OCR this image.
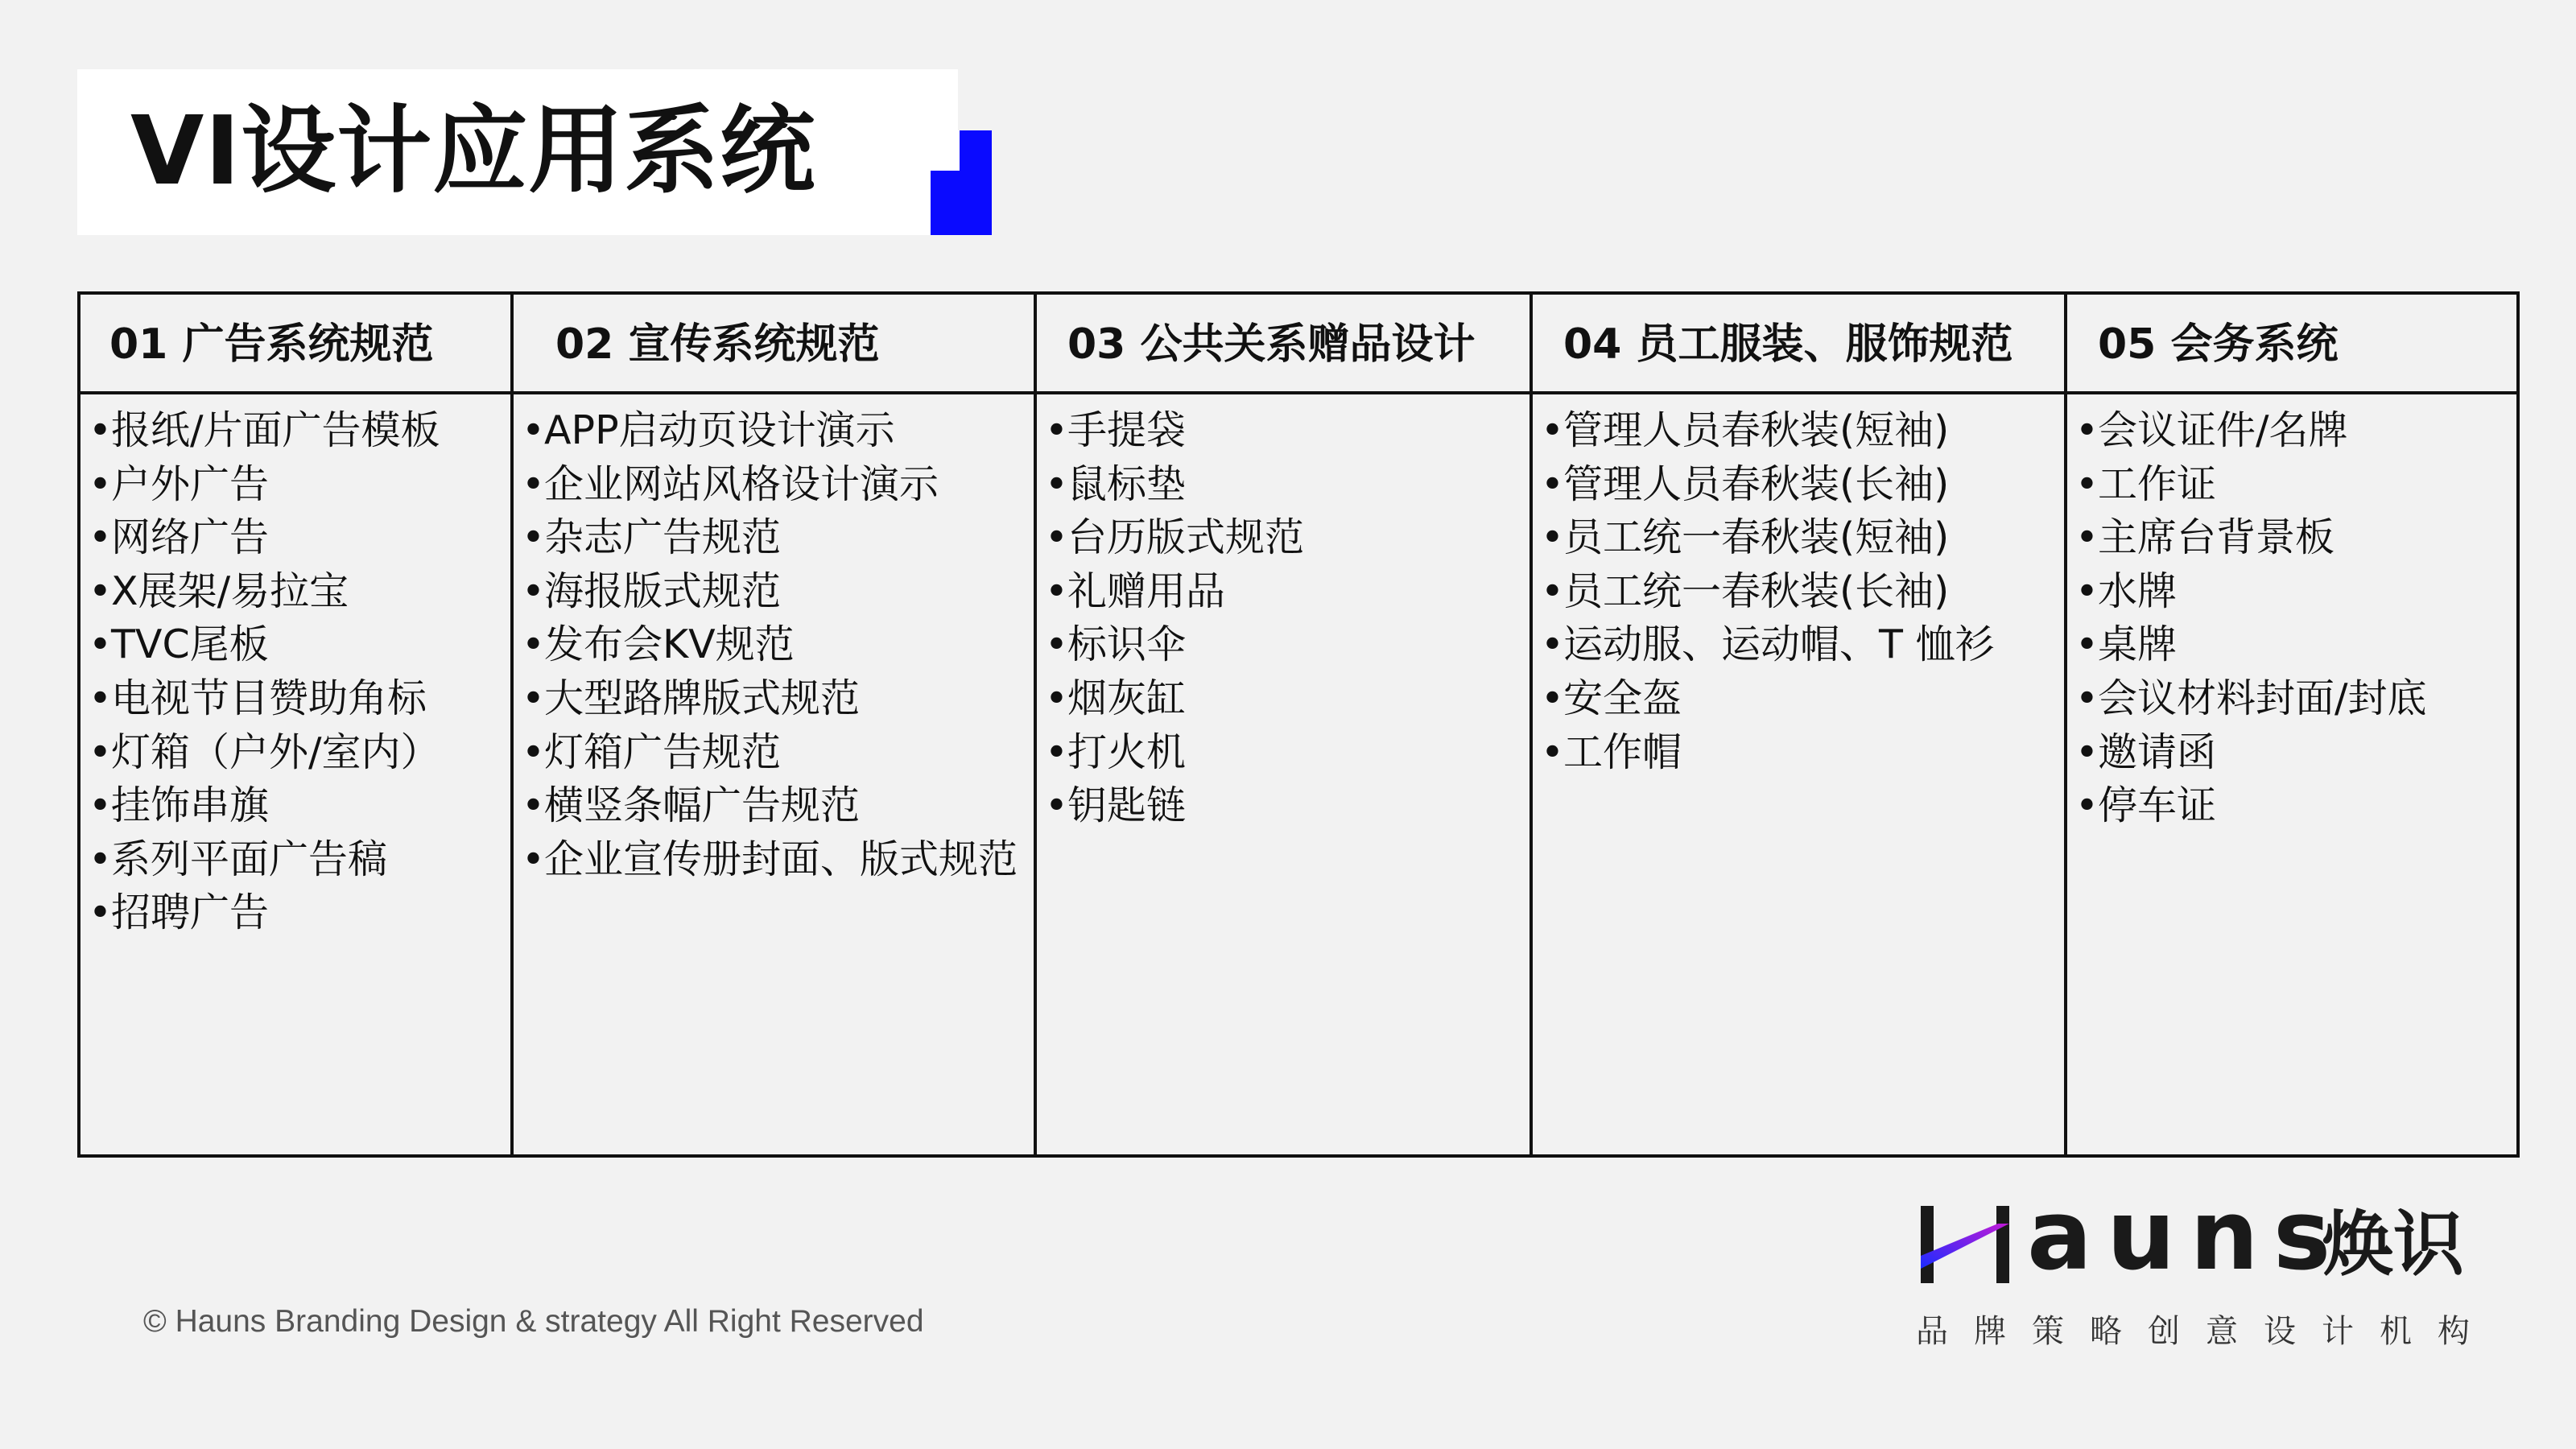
VI设计应用系统
01 广告系统规范
•报纸/片面广告模板
•户外广告
•网络广告
•X展架/易拉宝
•TVC尾板
•电视节目赞助角标
•灯箱（户外/室内）
•挂饰串旗
•系列平面广告稿
•招聘广告
02 宣传系统规范
•APP启动页设计演示
•企业网站风格设计演示
•杂志广告规范
•海报版式规范
•发布会KV规范
•大型路牌版式规范
•灯箱广告规范
•横竖条幅广告规范
•企业宣传册封面、版式规范
03 公共关系赠品设计
•手提袋
•鼠标垫
•台历版式规范
•礼赠用品
•标识伞
•烟灰缸
•打火机
•钥匙链
04 员工服装、服饰规范
•管理人员春秋装(短袖)
•管理人员春秋装(长袖)
•员工统一春秋装(短袖)
•员工统一春秋装(长袖)
•运动服、运动帽、T 恤衫
•安全盔
•工作帽
05 会务系统
•会议证件/名牌
•工作证
•主席台背景板
•水牌
•桌牌
•会议材料封面/封底
•邀请函
•停车证
© Hauns Branding Design & strategy All Right Reserved
auns
焕识
品牌策略创意设计机构
